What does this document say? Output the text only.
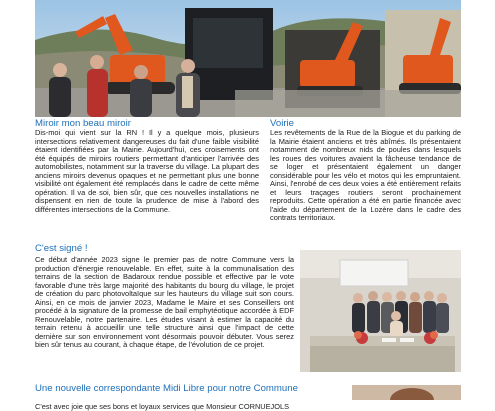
Miroir mon beau miroir

Dis-moi qui vient sur la RN ! Il y a quelque mois, plusieurs intersections relativement dangereuses du fait d'une faible visibilité étaient identifiées par la Mairie. Aujourd'hui, ces croisements ont été équipés de miroirs routiers permettant d'anticiper l'arrivée des automobilistes, notamment sur la traverse du village. La plupart des anciens miroirs devenus opaques et ne permettant plus une bonne visibilité ont également été remplacés dans le cadre de cette même opération. Il va de soi, bien sûr, que ces nouvelles installations ne dispensent en rien de toute la prudence de mise à l'abord des différentes intersections de la Commune.

Voirie

Les revêtements de la Rue de la Biogue et du parking de la Mairie étaient anciens et très abîmés. Ils présentaient notamment de nombreux nids de poules dans lesquels les roues des voitures avaient la fâcheuse tendance de se loger et présentaient également un danger considérable pour les vélo et motos qui les empruntaient. Ainsi, l'enrobé de ces deux voies a été entièrement refaits et leurs traçages routiers seront prochainement reproduits. Cette opération a été en partie financée avec l'aide du département de la Lozère dans le cadre des contrats territoriaux.

C'est signé !

Ce début d'année 2023 signe le premier pas de notre Commune vers la production d'énergie renouvelable. En effet, suite à la communalisation des terrains de la section de Badaroux rendue possible et effective par le vote favorable d'une très large majorité des habitants du bourg du village, le projet de création du parc photovoltaïque sur les hauteurs du village suit son cours. Ainsi, en ce mois de janvier 2023, Madame le Maire et ses Conseillers ont procédé à la signature de la promesse de bail emphytéotique accordée à EDF Renouvelable, notre partenaire. Les études visant à estimer la capacité du terrain retenu à accueillir une telle structure ainsi que l'impact de cette dernière sur son environnement vont désormais pouvoir débuter. Vous serez bien sûr tenus au courant, à chaque étape, de l'évolution de ce projet.

Une nouvelle correspondante Midi Libre pour notre Commune

C'est avec joie que ses bons et loyaux services que Monsieur CORNUEJOLS
